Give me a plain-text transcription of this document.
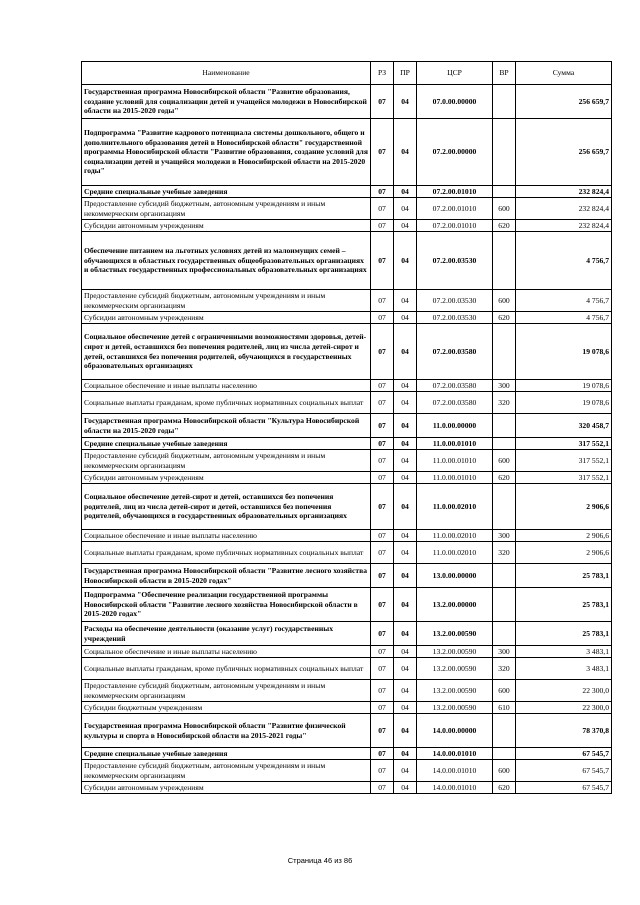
Наименование	РЗ	ПР	ЦСР	ВР	Сумма
Государственная программа Новосибирской области "Развитие образования, создание условий для социализации детей и учащейся молодежи в Новосибирской области на 2015-2020 годы"	07	04	07.0.00.00000		256 659,7
Подпрограмма "Развитие кадрового потенциала системы дошкольного, общего и дополнительного образования детей в Новосибирской области" государственной программы Новосибирской области "Развитие образования, создание условий для социализации детей и учащейся молодежи в Новосибирской области на 2015-2020 годы"	07	04	07.2.00.00000		256 659,7
Средние специальные учебные заведения	07	04	07.2.00.01010		232 824,4
Предоставление субсидий бюджетным, автономным учреждениям и иным некоммерческим организациям	07	04	07.2.00.01010	600	232 824,4
Субсидии автономным учреждениям	07	04	07.2.00.01010	620	232 824,4
Обеспечение питанием на льготных условиях детей из малоимущих семей – обучающихся в областных государственных общеобразовательных организациях и областных государственных профессиональных образовательных организациях	07	04	07.2.00.03530		4 756,7
Предоставление субсидий бюджетным, автономным учреждениям и иным некоммерческим организациям	07	04	07.2.00.03530	600	4 756,7
Субсидии автономным учреждениям	07	04	07.2.00.03530	620	4 756,7
Социальное обеспечение детей с ограниченными возможностями здоровья, детей-сирот и детей, оставшихся без попечения родителей, лиц из числа детей-сирот и детей, оставшихся без попечения родителей, обучающихся в государственных образовательных организациях	07	04	07.2.00.03580		19 078,6
Социальное обеспечение и иные выплаты населению	07	04	07.2.00.03580	300	19 078,6
Социальные выплаты гражданам, кроме публичных нормативных социальных выплат	07	04	07.2.00.03580	320	19 078,6
Государственная программа Новосибирской области "Культура Новосибирской области на 2015-2020 годы"	07	04	11.0.00.00000		320 458,7
Средние специальные учебные заведения	07	04	11.0.00.01010		317 552,1
Предоставление субсидий бюджетным, автономным учреждениям и иным некоммерческим организациям	07	04	11.0.00.01010	600	317 552,1
Субсидии автономным учреждениям	07	04	11.0.00.01010	620	317 552,1
Социальное обеспечение детей-сирот и детей, оставшихся без попечения родителей, лиц из числа детей-сирот и детей, оставшихся без попечения родителей, обучающихся в государственных образовательных организациях	07	04	11.0.00.02010		2 906,6
Социальное обеспечение и иные выплаты населению	07	04	11.0.00.02010	300	2 906,6
Социальные выплаты гражданам, кроме публичных нормативных социальных выплат	07	04	11.0.00.02010	320	2 906,6
Государственная программа Новосибирской области "Развитие лесного хозяйства Новосибирской области в 2015-2020 годах"	07	04	13.0.00.00000		25 783,1
Подпрограмма "Обеспечение реализации государственной программы Новосибирской области "Развитие лесного хозяйства Новосибирской области в 2015-2020 годах"	07	04	13.2.00.00000		25 783,1
Расходы на обеспечение деятельности (оказание услуг) государственных учреждений	07	04	13.2.00.00590		25 783,1
Социальное обеспечение и иные выплаты населению	07	04	13.2.00.00590	300	3 483,1
Социальные выплаты гражданам, кроме публичных нормативных социальных выплат	07	04	13.2.00.00590	320	3 483,1
Предоставление субсидий бюджетным, автономным учреждениям и иным некоммерческим организациям	07	04	13.2.00.00590	600	22 300,0
Субсидии бюджетным учреждениям	07	04	13.2.00.00590	610	22 300,0
Государственная программа Новосибирской области "Развитие физической культуры и спорта в Новосибирской области на 2015-2021 годы"	07	04	14.0.00.00000		78 370,8
Средние специальные учебные заведения	07	04	14.0.00.01010		67 545,7
Предоставление субсидий бюджетным, автономным учреждениям и иным некоммерческим организациям	07	04	14.0.00.01010	600	67 545,7
Субсидии автономным учреждениям	07	04	14.0.00.01010	620	67 545,7
Страница 46 из 86
